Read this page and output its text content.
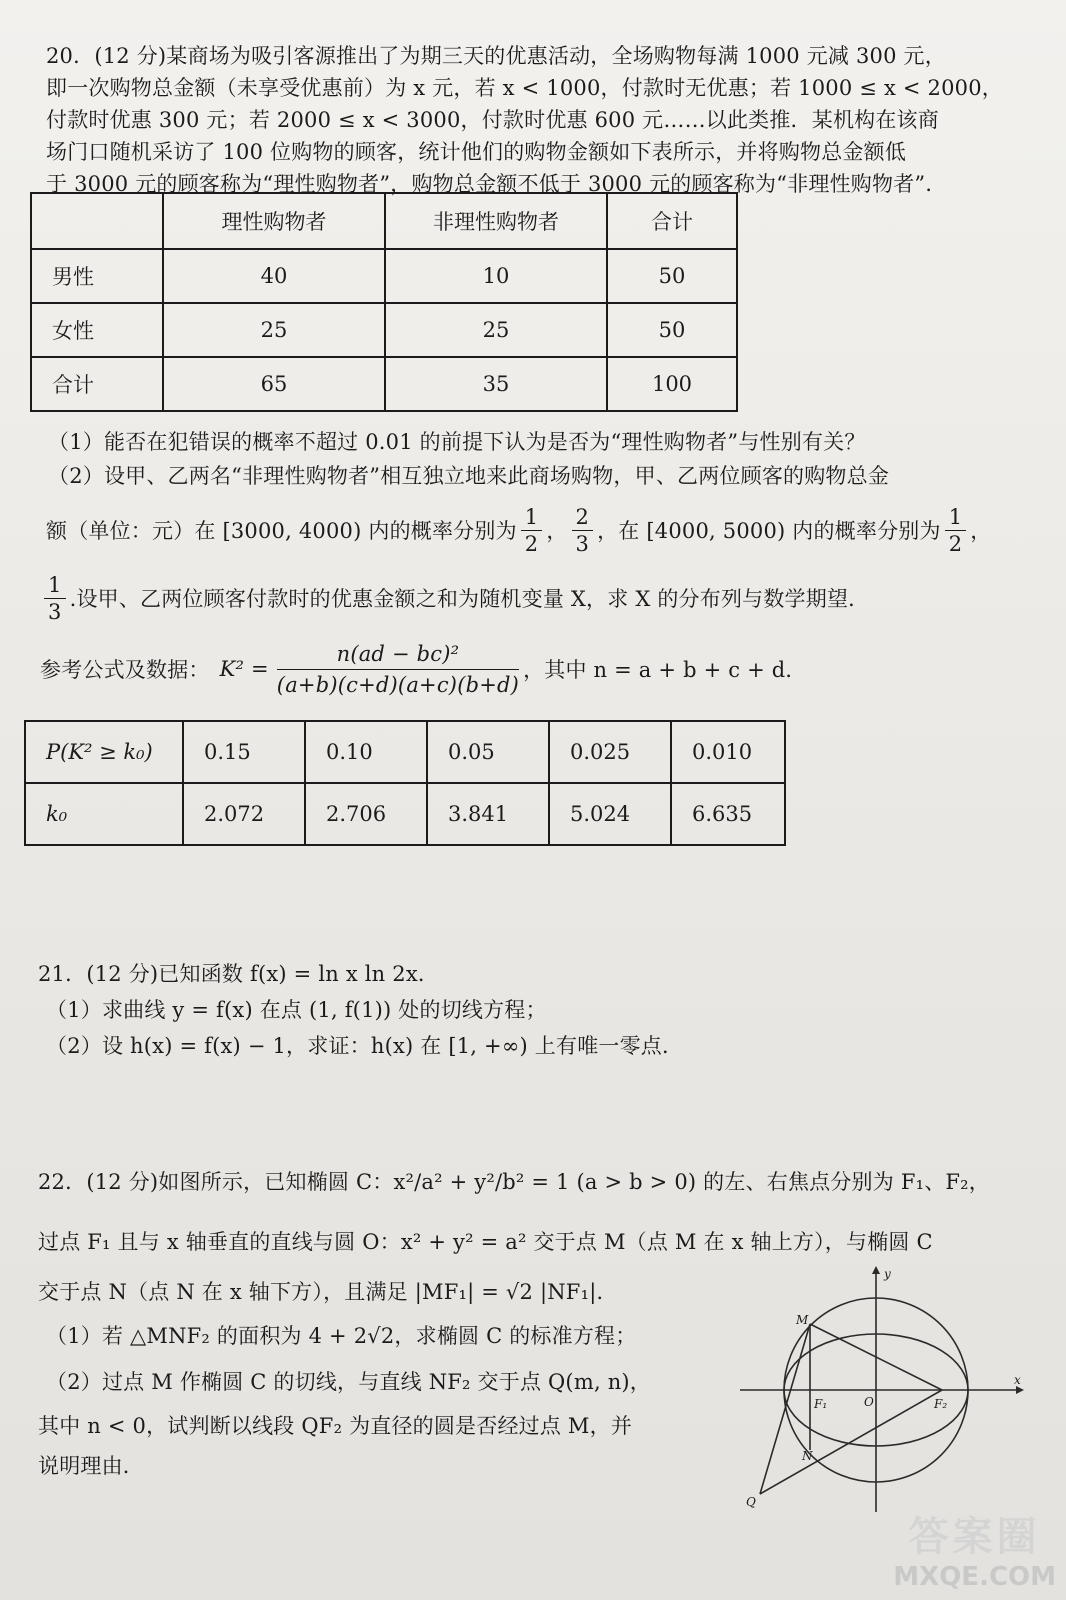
20．(12 分)某商场为吸引客源推出了为期三天的优惠活动，全场购物每满 1000 元减 300 元，
即一次购物总金额（未享受优惠前）为 x 元，若 x < 1000，付款时无优惠；若 1000 ≤ x < 2000，
付款时优惠 300 元；若 2000 ≤ x < 3000，付款时优惠 600 元……以此类推．某机构在该商
场门口随机采访了 100 位购物的顾客，统计他们的购物金额如下表所示，并将购物总金额低
于 3000 元的顾客称为“理性购物者”，购物总金额不低于 3000 元的顾客称为“非理性购物者”．
	理性购物者	非理性购物者	合计
男性	40	10	50
女性	25	25	50
合计	65	35	100
（1）能否在犯错误的概率不超过 0.01 的前提下认为是否为“理性购物者”与性别有关？
（2）设甲、乙两名“非理性购物者”相互独立地来此商场购物，甲、乙两位顾客的购物总金
额（单位：元）在 [3000, 4000) 内的概率分别为 $\frac{1}{2}$ ， $\frac{2}{3}$ ，在 [4000, 5000) 内的概率分别为 $\frac{1}{2}$ ，
$\frac{1}{3}$ .设甲、乙两位顾客付款时的优惠金额之和为随机变量 X，求 X 的分布列与数学期望．
参考公式及数据： $K^2 = \frac{\text{n(ad − bc)²}}{(a+b)(c+d)(a+c)(b+d)}$ ，其中 n = a + b + c + d．
P(K² ≥ k₀)	0.15	0.10	0.05	0.025	0.010
k₀	2.072	2.706	3.841	5.024	6.635
21．(12 分)已知函数 f(x) = ln x ln 2x．
（1）求曲线 y = f(x) 在点 (1, f(1)) 处的切线方程；
（2）设 h(x) = f(x) − 1，求证：h(x) 在 [1, +∞) 上有唯一零点．
22．(12 分)如图所示，已知椭圆 C：x²/a² + y²/b² = 1 (a > b > 0) 的左、右焦点分别为 F₁、F₂，
过点 F₁ 且与 x 轴垂直的直线与圆 O：x² + y² = a² 交于点 M（点 M 在 x 轴上方），与椭圆 C
交于点 N（点 N 在 x 轴下方），且满足 |MF₁| = √2 |NF₁|．
（1）若 △MNF₂ 的面积为 4 + 2√2，求椭圆 C 的标准方程；
（2）过点 M 作椭圆 C 的切线，与直线 NF₂ 交于点 Q(m, n)，
其中 n < 0，试判断以线段 QF₂ 为直径的圆是否经过点 M，并
说明理由．
y
x
M
F₁	O	F₂
N
Q
答案圈
MXQE.COM
